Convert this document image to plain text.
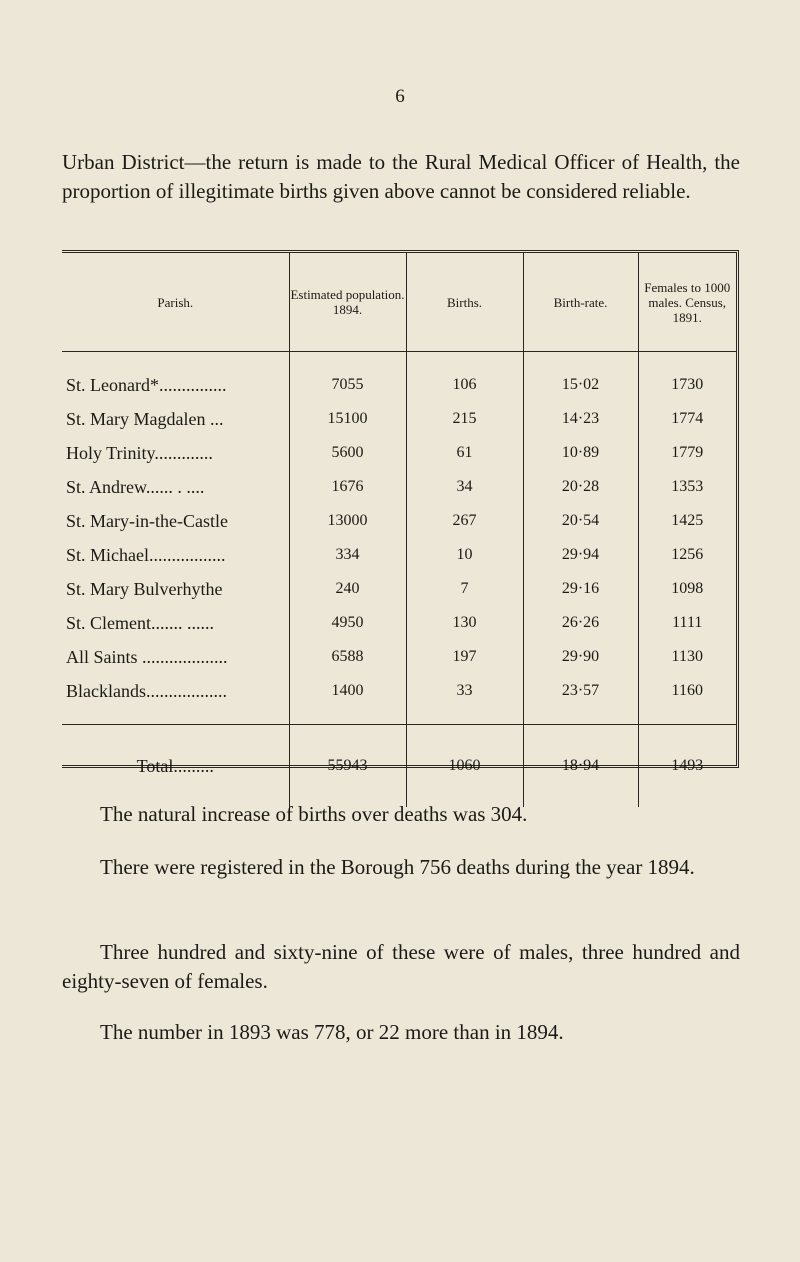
6
Urban District—the return is made to the Rural Medical Officer of Health, the proportion of illegitimate births given above cannot be considered reliable.
Parish.	Estimated population. 1894.	Births.	Birth-rate.	Females to 1000 males. Census, 1891.
St. Leonard*...............	7055	106	15·02	1730
St. Mary Magdalen ...	15100	215	14·23	1774
Holy Trinity.............	5600	61	10·89	1779
St. Andrew...... . ....	1676	34	20·28	1353
St. Mary-in-the-Castle	13000	267	20·54	1425
St. Michael.................	334	10	29·94	1256
St. Mary Bulverhythe	240	7	29·16	1098
St. Clement....... ......	4950	130	26·26	1111
All Saints ...................	6588	197	29·90	1130
Blacklands..................	1400	33	23·57	1160
Total.........	55943	1060	18·94	1493
The natural increase of births over deaths was 304.
There were registered in the Borough 756 deaths during the year 1894.
Three hundred and sixty-nine of these were of males, three hundred and eighty-seven of females.
The number in 1893 was 778, or 22 more than in 1894.
